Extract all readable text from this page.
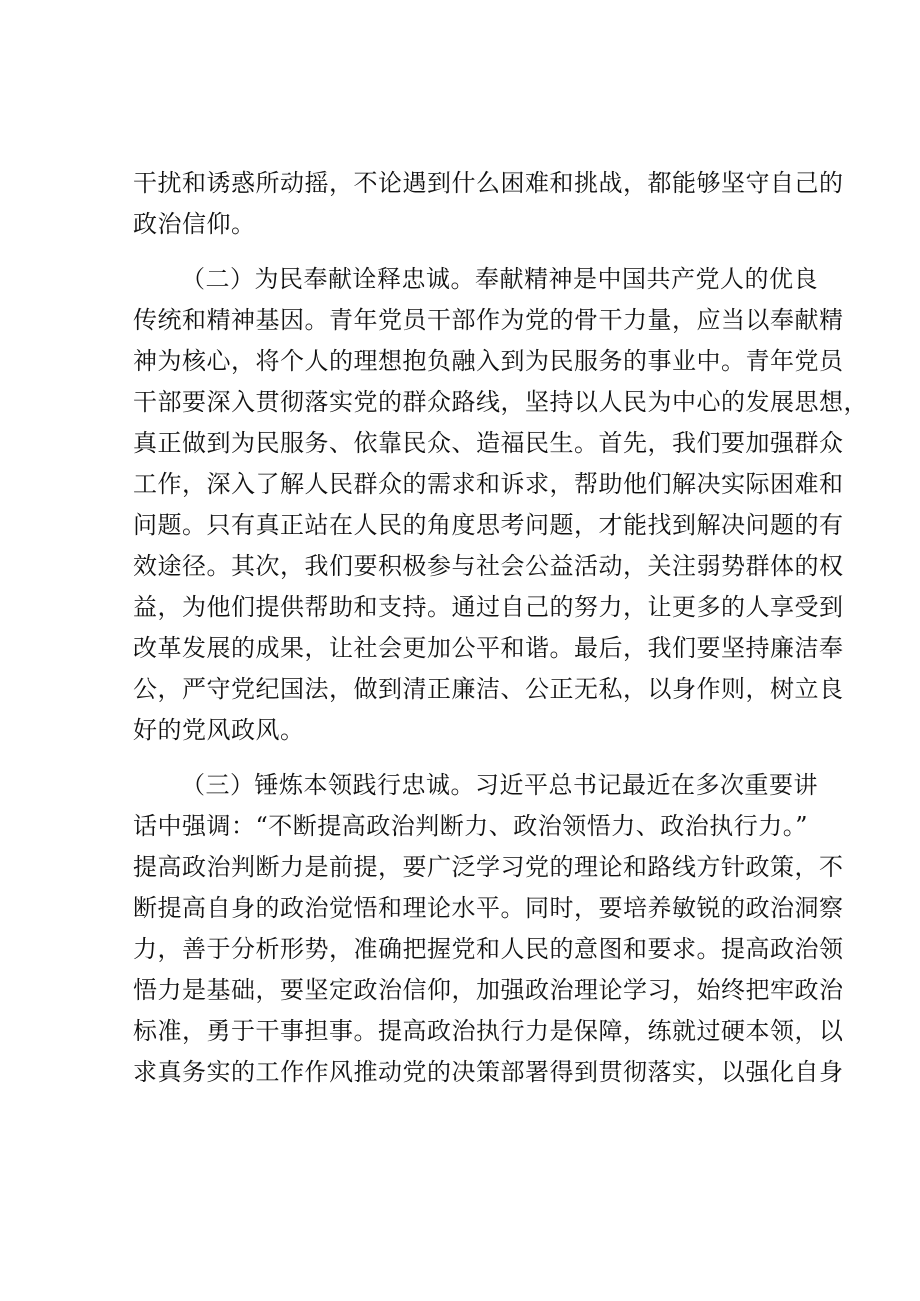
干扰和诱惑所动摇，不论遇到什么困难和挑战，都能够坚守自己的
政治信仰。
（二）为民奉献诠释忠诚。奉献精神是中国共产党人的优良
传统和精神基因。青年党员干部作为党的骨干力量，应当以奉献精
神为核心，将个人的理想抱负融入到为民服务的事业中。青年党员
干部要深入贯彻落实党的群众路线，坚持以人民为中心的发展思想，
真正做到为民服务、依靠民众、造福民生。首先，我们要加强群众
工作，深入了解人民群众的需求和诉求，帮助他们解决实际困难和
问题。只有真正站在人民的角度思考问题，才能找到解决问题的有
效途径。其次，我们要积极参与社会公益活动，关注弱势群体的权
益，为他们提供帮助和支持。通过自己的努力，让更多的人享受到
改革发展的成果，让社会更加公平和谐。最后，我们要坚持廉洁奉
公，严守党纪国法，做到清正廉洁、公正无私，以身作则，树立良
好的党风政风。
（三）锤炼本领践行忠诚。习近平总书记最近在多次重要讲
话中强调：“不断提高政治判断力、政治领悟力、政治执行力。”
提高政治判断力是前提，要广泛学习党的理论和路线方针政策，不
断提高自身的政治觉悟和理论水平。同时，要培养敏锐的政治洞察
力，善于分析形势，准确把握党和人民的意图和要求。提高政治领
悟力是基础，要坚定政治信仰，加强政治理论学习，始终把牢政治
标准，勇于干事担事。提高政治执行力是保障，练就过硬本领，以
求真务实的工作作风推动党的决策部署得到贯彻落实，以强化自身
